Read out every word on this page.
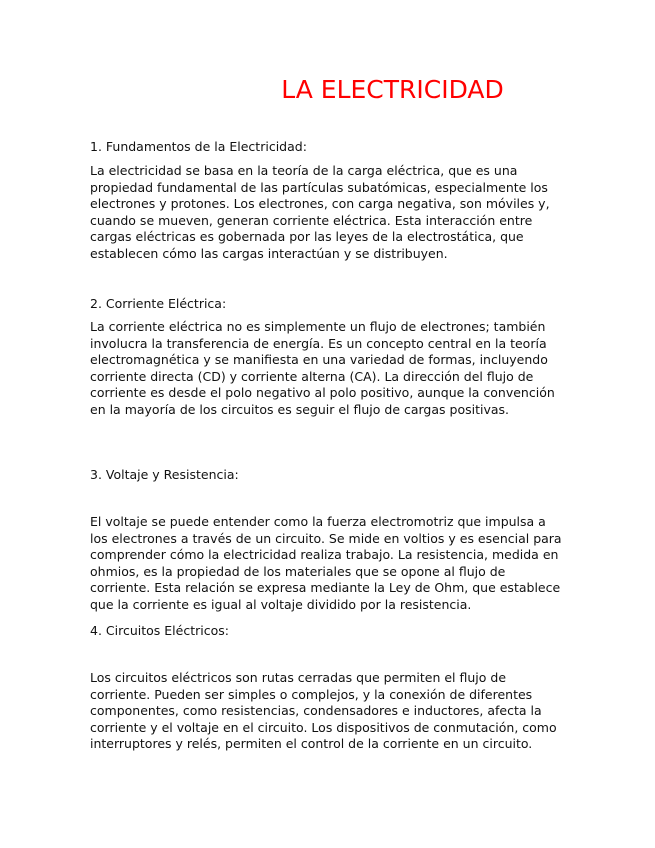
LA ELECTRICIDAD
1. Fundamentos de la Electricidad:

La electricidad se basa en la teoría de la carga eléctrica, que es una propiedad fundamental de las partículas subatómicas, especialmente los electrones y protones. Los electrones, con carga negativa, son móviles y, cuando se mueven, generan corriente eléctrica. Esta interacción entre cargas eléctricas es gobernada por las leyes de la electrostática, que establecen cómo las cargas interactúan y se distribuyen.

2. Corriente Eléctrica:

La corriente eléctrica no es simplemente un flujo de electrones; también involucra la transferencia de energía. Es un concepto central en la teoría electromagnética y se manifiesta en una variedad de formas, incluyendo corriente directa (CD) y corriente alterna (CA). La dirección del flujo de corriente es desde el polo negativo al polo positivo, aunque la convención en la mayoría de los circuitos es seguir el flujo de cargas positivas.

3. Voltaje y Resistencia:

El voltaje se puede entender como la fuerza electromotriz que impulsa a los electrones a través de un circuito. Se mide en voltios y es esencial para comprender cómo la electricidad realiza trabajo. La resistencia, medida en ohmios, es la propiedad de los materiales que se opone al flujo de corriente. Esta relación se expresa mediante la Ley de Ohm, que establece que la corriente es igual al voltaje dividido por la resistencia.

4. Circuitos Eléctricos:

Los circuitos eléctricos son rutas cerradas que permiten el flujo de corriente. Pueden ser simples o complejos, y la conexión de diferentes componentes, como resistencias, condensadores e inductores, afecta la corriente y el voltaje en el circuito. Los dispositivos de conmutación, como interruptores y relés, permiten el control de la corriente en un circuito.
